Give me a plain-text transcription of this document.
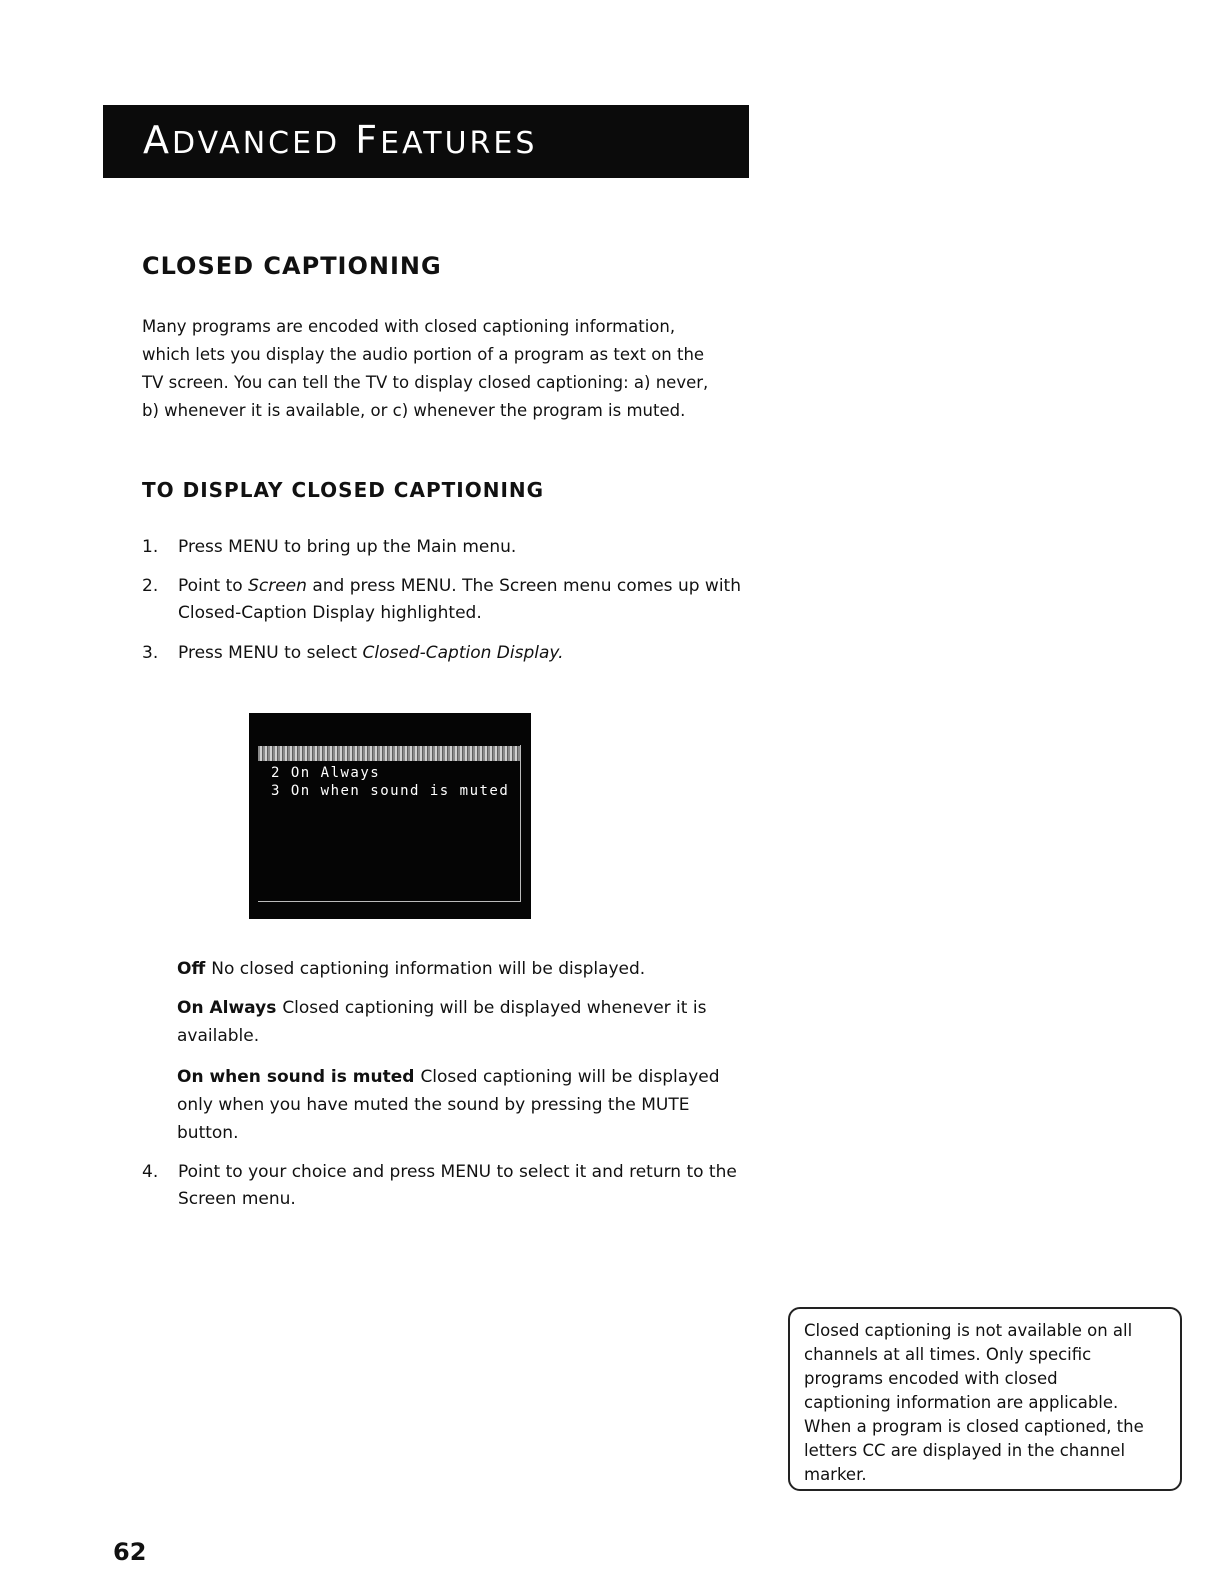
ADVANCED FEATURES
CLOSED CAPTIONING
Many programs are encoded with closed captioning information,
which lets you display the audio portion of a program as text on the
TV screen. You can tell the TV to display closed captioning: a) never,
b) whenever it is available, or c) whenever the program is muted.
TO DISPLAY CLOSED CAPTIONING
1. Press MENU to bring up the Main menu.
2. Point to Screen and press MENU. The Screen menu comes up with
Closed-Caption Display highlighted.
3. Press MENU to select Closed-Caption Display.
2 On Always
3 On when sound is muted
Off No closed captioning information will be displayed.
On Always Closed captioning will be displayed whenever it is
available.
On when sound is muted Closed captioning will be displayed
only when you have muted the sound by pressing the MUTE
button.
4. Point to your choice and press MENU to select it and return to the
Screen menu.
Closed captioning is not available on all
channels at all times. Only specific
programs encoded with closed
captioning information are applicable.
When a program is closed captioned, the
letters CC are displayed in the channel
marker.
62
